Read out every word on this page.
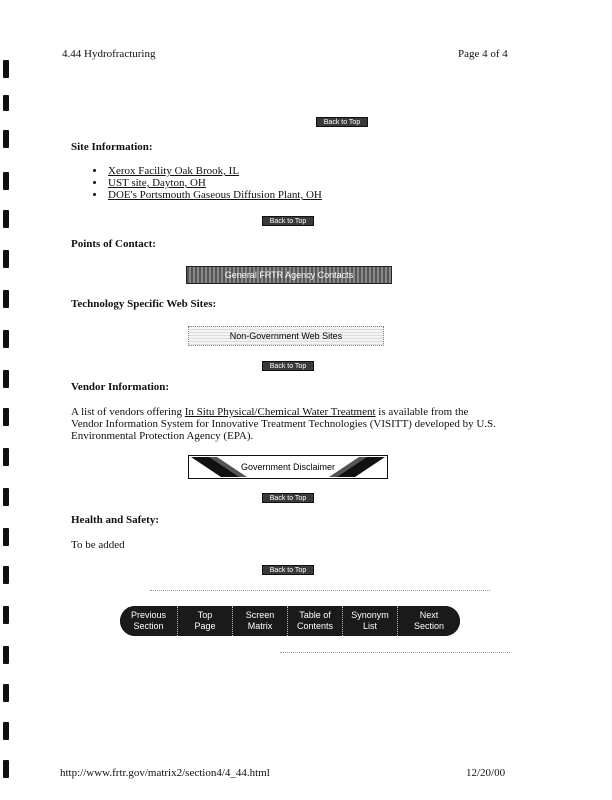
4.44 Hydrofracturing	Page 4 of 4
Back to Top
Site Information:
• Xerox Facility Oak Brook, IL
• UST site, Dayton, OH
• DOE's Portsmouth Gaseous Diffusion Plant, OH
Back to Top
Points of Contact:
General FRTR Agency Contacts
Technology Specific Web Sites:
Non-Government Web Sites
Back to Top
Vendor Information:
A list of vendors offering In Situ Physical/Chemical Water Treatment is available from the Vendor Information System for Innovative Treatment Technologies (VISITT) developed by U.S. Environmental Protection Agency (EPA).
Government Disclaimer
Back to Top
Health and Safety:
To be added
Back to Top
Previous
Section
Top
Page
Screen
Matrix
Table of
Contents
Synonym
List
Next
Section
http://www.frtr.gov/matrix2/section4/4_44.html	12/20/00
